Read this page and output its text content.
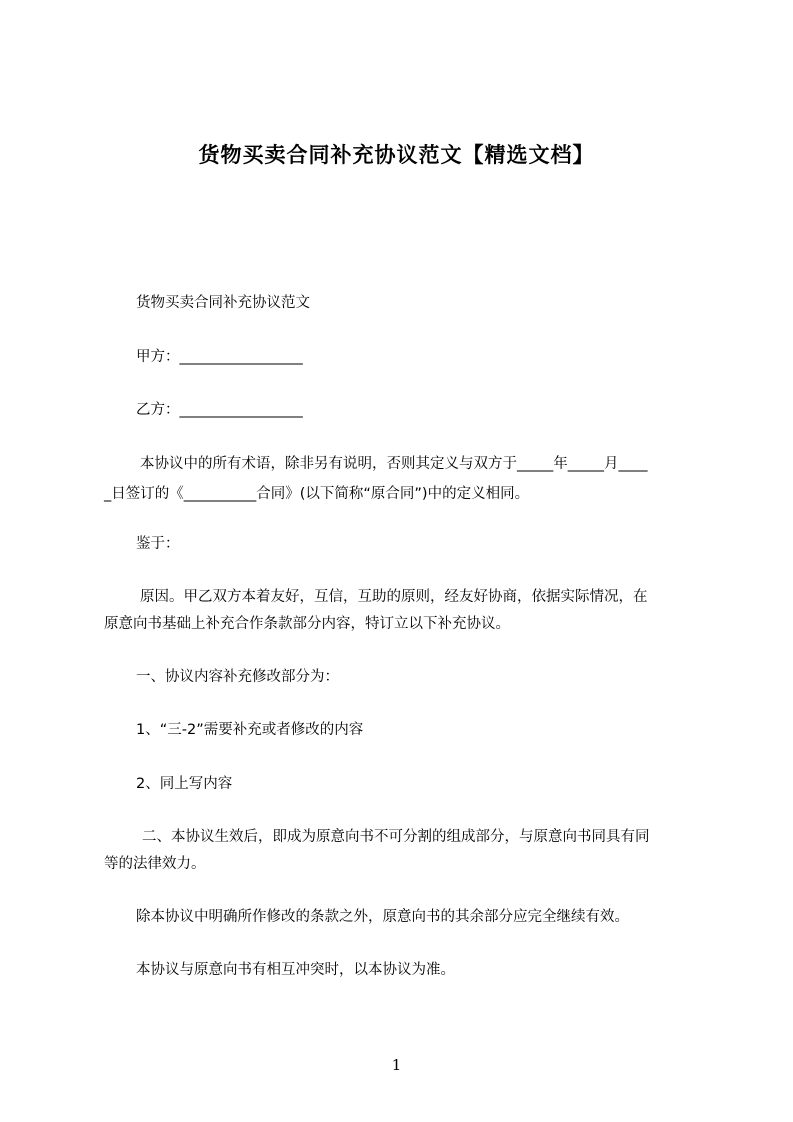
货物买卖合同补充协议范文【精选文档】

货物买卖合同补充协议范文

甲方：_________________

乙方：_________________

本协议中的所有术语，除非另有说明，否则其定义与双方于_____年_____月____

_日签订的《__________合同》(以下简称“原合同”)中的定义相同。

鉴于：

原因。甲乙双方本着友好，互信，互助的原则，经友好协商，依据实际情况，在

原意向书基础上补充合作条款部分内容，特订立以下补充协议。

一、协议内容补充修改部分为：

1、“三-2”需要补充或者修改的内容

2、同上写内容

二、本协议生效后，即成为原意向书不可分割的组成部分，与原意向书同具有同

等的法律效力。

除本协议中明确所作修改的条款之外，原意向书的其余部分应完全继续有效。

本协议与原意向书有相互冲突时，以本协议为准。

1
